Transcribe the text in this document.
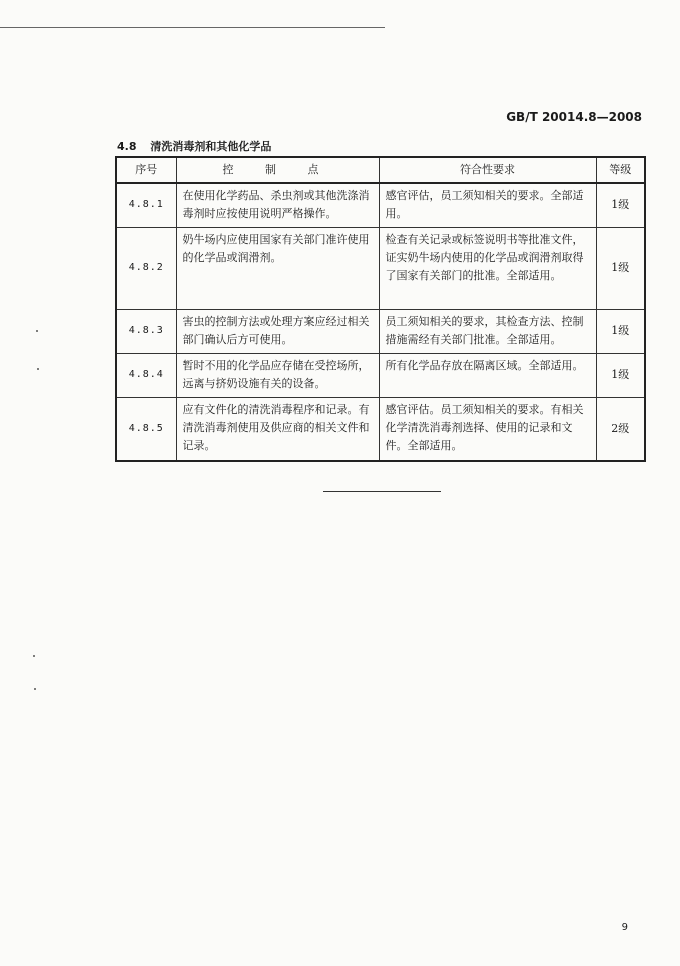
GB/T 20014.8—2008
4.8 清洗消毒剂和其他化学品
序号	控 制 点	符合性要求	等级
4.8.1	在使用化学药品、杀虫剂或其他洗涤消毒剂时应按使用说明严格操作。	感官评估，员工须知相关的要求。全部适用。	1级
4.8.2	奶牛场内应使用国家有关部门准许使用的化学品或润滑剂。	检查有关记录或标签说明书等批准文件，证实奶牛场内使用的化学品或润滑剂取得了国家有关部门的批准。全部适用。	1级
4.8.3	害虫的控制方法或处理方案应经过相关部门确认后方可使用。	员工须知相关的要求，其检查方法、控制措施需经有关部门批准。全部适用。	1级
4.8.4	暂时不用的化学品应存储在受控场所，远离与挤奶设施有关的设备。	所有化学品存放在隔离区域。全部适用。	1级
4.8.5	应有文件化的清洗消毒程序和记录。有清洗消毒剂使用及供应商的相关文件和记录。	感官评估。员工须知相关的要求。有相关化学清洗消毒剂选择、使用的记录和文件。全部适用。	2级
9
